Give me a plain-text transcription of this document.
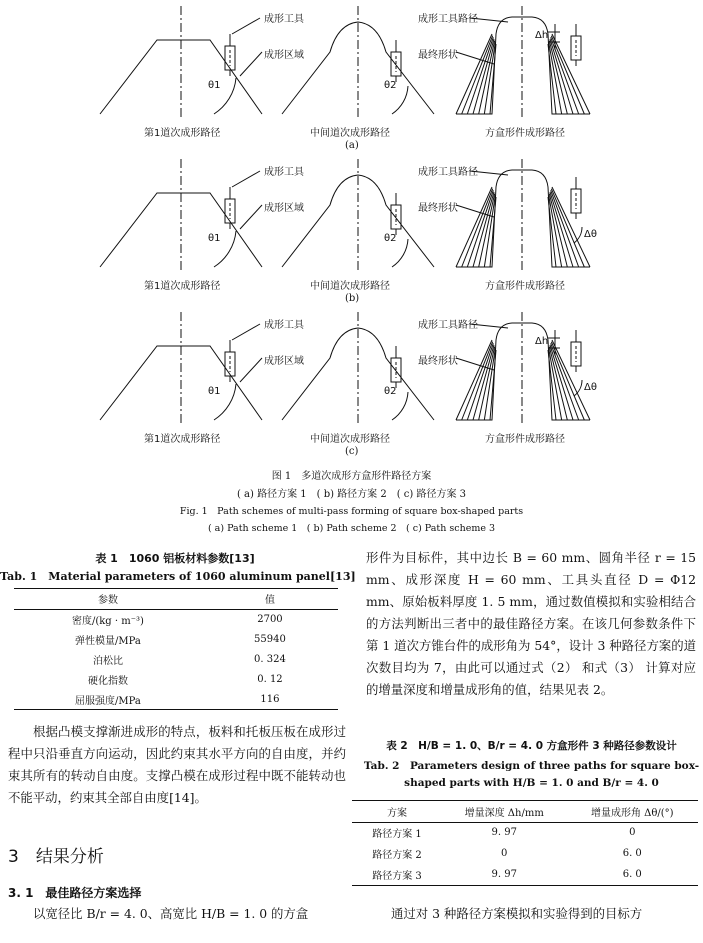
成形工具
成形区域
θ1	θ2
Δh
成形工具路径
最终形状
第1道次成形路径	中间道次成形路径	方盒形件成形路径
(a)
成形工具
成形区域
θ1	θ2	Δθ
成形工具路径
最终形状
第1道次成形路径	中间道次成形路径	方盒形件成形路径
(b)
成形工具
成形区域
θ1	θ2
Δh
Δθ
成形工具路径
最终形状
第1道次成形路径	中间道次成形路径	方盒形件成形路径
(c)
图 1　多道次成形方盒形件路径方案
( a) 路径方案 1　( b) 路径方案 2　( c) 路径方案 3
Fig. 1　Path schemes of multi-pass forming of square box-shaped parts
( a) Path scheme 1　( b) Path scheme 2　( c) Path scheme 3
表 1　1060 铝板材料参数[13]
Tab. 1　Material parameters of 1060 aluminum panel[13]
参数	值
密度/(kg · m⁻³)	2700
弹性模量/MPa	55940
泊松比	0. 324
硬化指数	0. 12
屈服强度/MPa	116
根据凸模支撑渐进成形的特点，板料和托板压板在成形过程中只沿垂直方向运动，因此约束其水平方向的自由度，并约束其所有的转动自由度。支撑凸模在成形过程中既不能转动也不能平动，约束其全部自由度[14]。
3　结果分析
3. 1　最佳路径方案选择
以宽径比 B/r = 4. 0、高宽比 H/B = 1. 0 的方盒
形件为目标件，其中边长 B = 60 mm、圆角半径 r = 15 mm、成形深度 H = 60 mm、工具头直径 D = Φ12 mm、原始板料厚度 1. 5 mm，通过数值模拟和实验相结合的方法判断出三者中的最佳路径方案。在该几何参数条件下第 1 道次方锥台件的成形角为 54°，设计 3 种路径方案的道次数目均为 7，由此可以通过式（2） 和式（3） 计算对应的增量深度和增量成形角的值，结果见表 2。
表 2　H/B = 1. 0、B/r = 4. 0 方盒形件 3 种路径参数设计
Tab. 2　Parameters design of three paths for square box-
shaped parts with H/B = 1. 0 and B/r = 4. 0
方案	增量深度 Δh/mm	增量成形角 Δθ/(°)
路径方案 1	9. 97	0
路径方案 2	0	6. 0
路径方案 3	9. 97	6. 0
通过对 3 种路径方案模拟和实验得到的目标方
